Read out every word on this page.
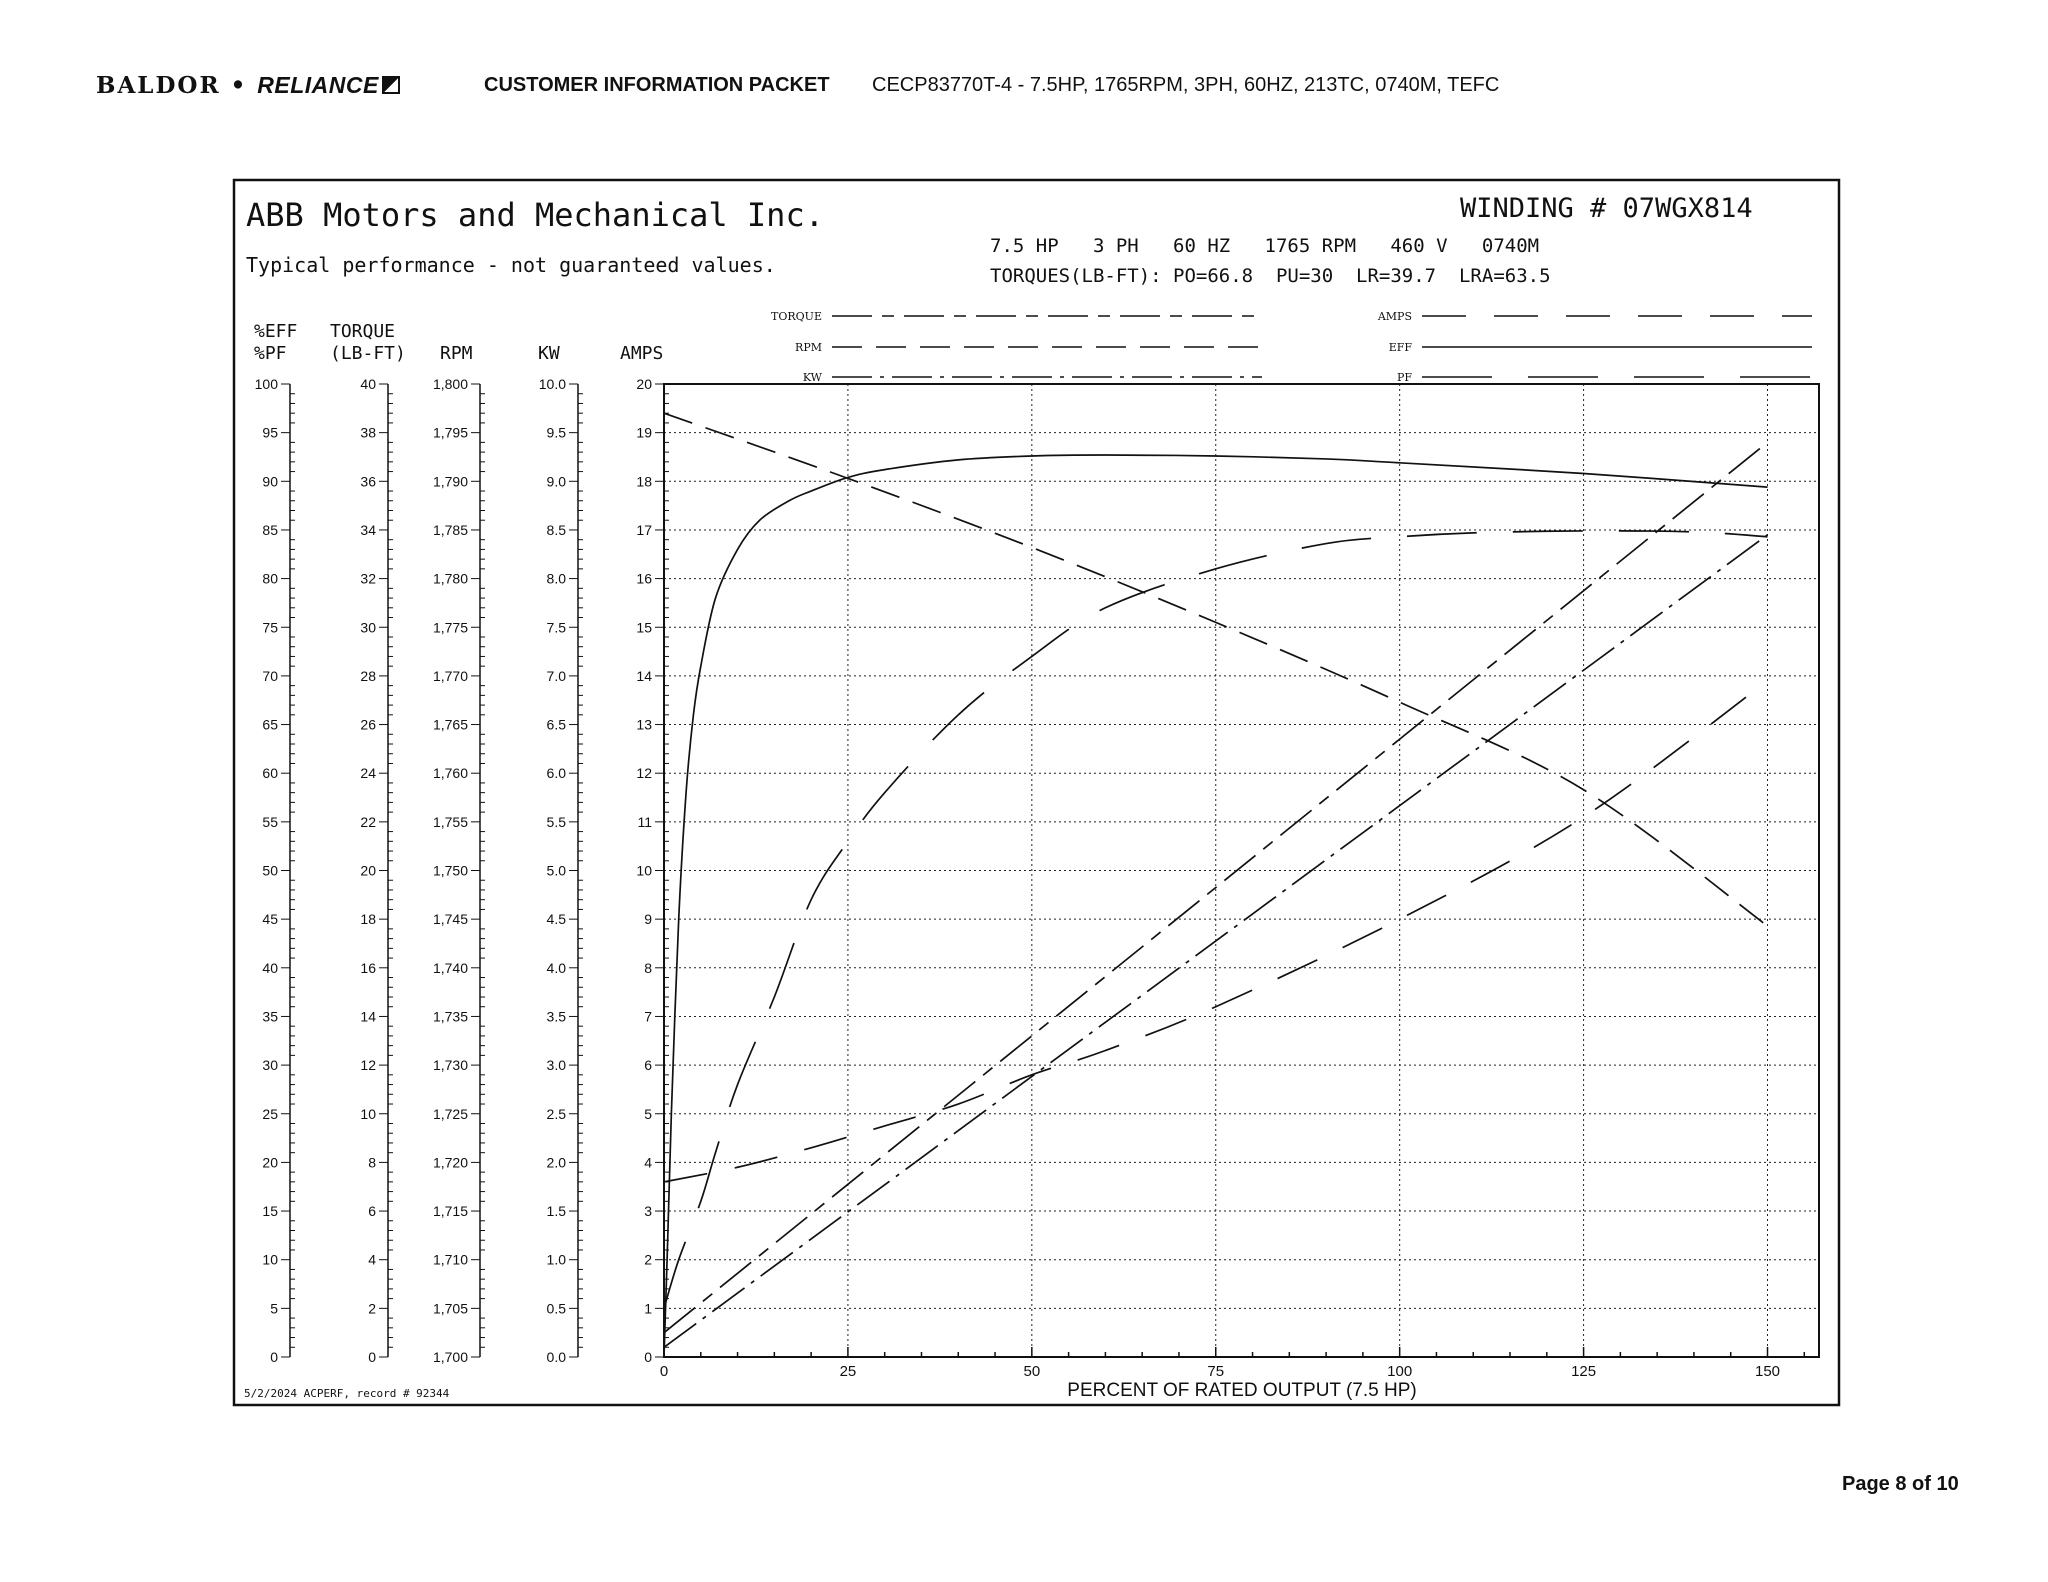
BALDOR • RELIANCE	CUSTOMER INFORMATION PACKET CECP83770T-4 - 7.5HP, 1765RPM, 3PH, 60HZ, 213TC, 0740M, TEFC
ABB Motors and Mechanical Inc.
Typical performance - not guaranteed values.
WINDING # 07WGX814
7.5 HP   3 PH   60 HZ   1765 RPM   460 V   0740M
TORQUES(LB-FT): PO=66.8  PU=30  LR=39.7  LRA=63.5
5/2/2024 ACPERF, record # 92344	PERCENT OF RATED OUTPUT (7.5 HP)
%EFF
%PF
TORQUE
(LB-FT) RPM	KW	AMPS
0
5
10
15
20
25
30
35
40
45
50
55
60
65
70
75
80
85
90
95
100
0
2
4
6
8
10
12
14
16
18
20
22
24
26
28
30
32
34
36
38
40
1,700
1,705
1,710
1,715
1,720
1,725
1,730
1,735
1,740
1,745
1,750
1,755
1,760
1,765
1,770
1,775
1,780
1,785
1,790
1,795
1,800
0.0
0.5
1.0
1.5
2.0
2.5
3.0
3.5
4.0
4.5
5.0
5.5
6.0
6.5
7.0
7.5
8.0
8.5
9.0
9.5
10.0
0
1
2
3
4
5
6
7
8
9
10
11
12
13
14
15
16
17
18
19
20
TORQUE
RPM
KW
AMPS
EFF
PF
0	25	50	75	100	125	150
Page 8 of 10
